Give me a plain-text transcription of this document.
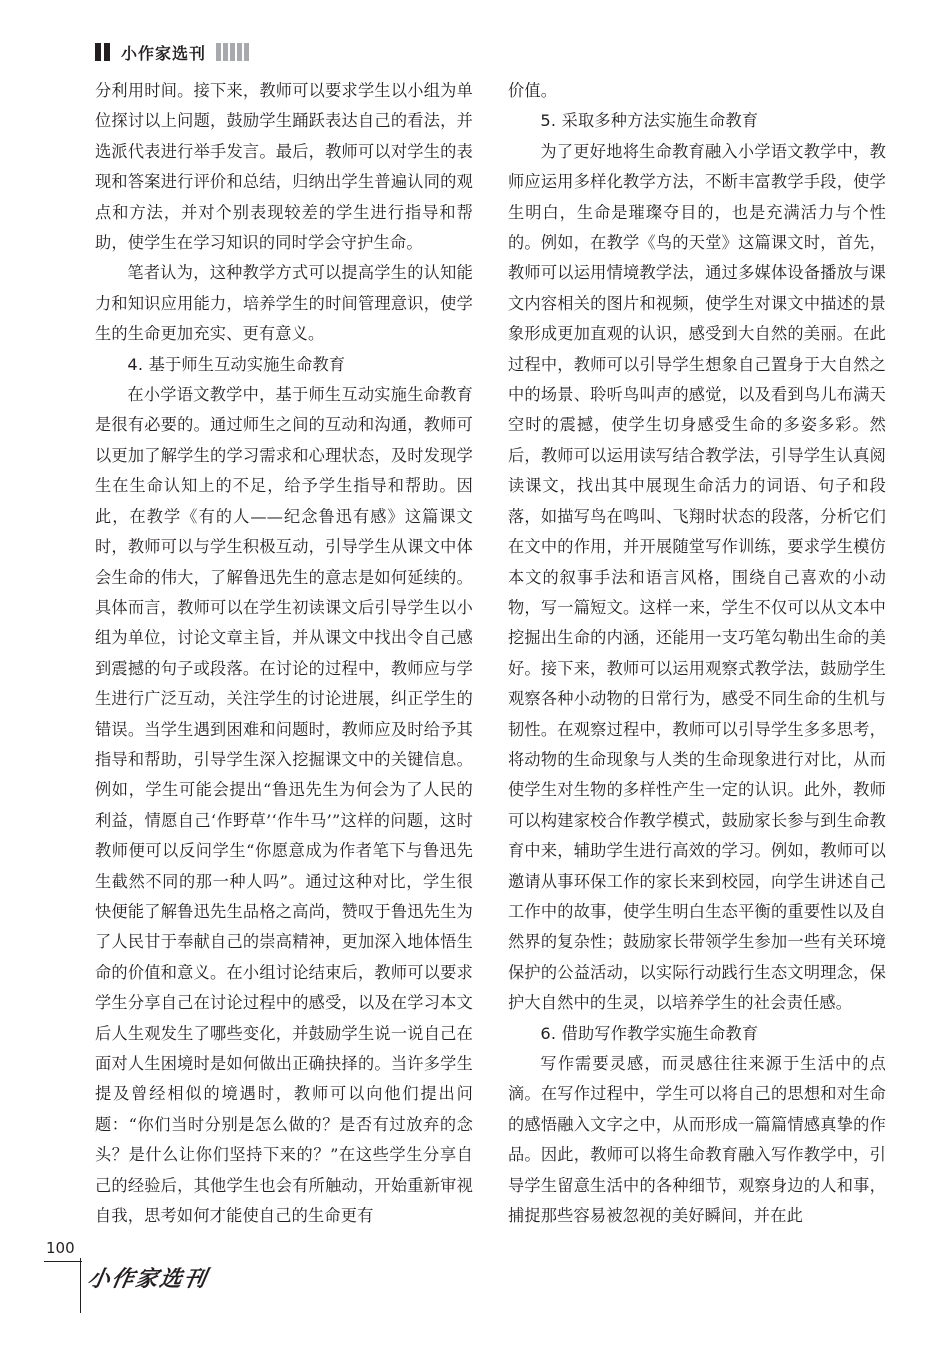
小作家选刊

分利用时间。接下来，教师可以要求学生以小组为单位探讨以上问题，鼓励学生踊跃表达自己的看法，并选派代表进行举手发言。最后，教师可以对学生的表现和答案进行评价和总结，归纳出学生普遍认同的观点和方法，并对个别表现较差的学生进行指导和帮助，使学生在学习知识的同时学会守护生命。

笔者认为，这种教学方式可以提高学生的认知能力和知识应用能力，培养学生的时间管理意识，使学生的生命更加充实、更有意义。

4. 基于师生互动实施生命教育

在小学语文教学中，基于师生互动实施生命教育是很有必要的。通过师生之间的互动和沟通，教师可以更加了解学生的学习需求和心理状态，及时发现学生在生命认知上的不足，给予学生指导和帮助。因此，在教学《有的人——纪念鲁迅有感》这篇课文时，教师可以与学生积极互动，引导学生从课文中体会生命的伟大，了解鲁迅先生的意志是如何延续的。具体而言，教师可以在学生初读课文后引导学生以小组为单位，讨论文章主旨，并从课文中找出令自己感到震撼的句子或段落。在讨论的过程中，教师应与学生进行广泛互动，关注学生的讨论进展，纠正学生的错误。当学生遇到困难和问题时，教师应及时给予其指导和帮助，引导学生深入挖掘课文中的关键信息。例如，学生可能会提出“鲁迅先生为何会为了人民的利益，情愿自己‘作野草’‘作牛马’”这样的问题，这时教师便可以反问学生“你愿意成为作者笔下与鲁迅先生截然不同的那一种人吗”。通过这种对比，学生很快便能了解鲁迅先生品格之高尚，赞叹于鲁迅先生为了人民甘于奉献自己的崇高精神，更加深入地体悟生命的价值和意义。在小组讨论结束后，教师可以要求学生分享自己在讨论过程中的感受，以及在学习本文后人生观发生了哪些变化，并鼓励学生说一说自己在面对人生困境时是如何做出正确抉择的。当许多学生提及曾经相似的境遇时，教师可以向他们提出问题：“你们当时分别是怎么做的？是否有过放弃的念头？是什么让你们坚持下来的？”在这些学生分享自己的经验后，其他学生也会有所触动，开始重新审视自我，思考如何才能使自己的生命更有

价值。

5. 采取多种方法实施生命教育

为了更好地将生命教育融入小学语文教学中，教师应运用多样化教学方法，不断丰富教学手段，使学生明白，生命是璀璨夺目的，也是充满活力与个性的。例如，在教学《鸟的天堂》这篇课文时，首先，教师可以运用情境教学法，通过多媒体设备播放与课文内容相关的图片和视频，使学生对课文中描述的景象形成更加直观的认识，感受到大自然的美丽。在此过程中，教师可以引导学生想象自己置身于大自然之中的场景、聆听鸟叫声的感觉，以及看到鸟儿布满天空时的震撼，使学生切身感受生命的多姿多彩。然后，教师可以运用读写结合教学法，引导学生认真阅读课文，找出其中展现生命活力的词语、句子和段落，如描写鸟在鸣叫、飞翔时状态的段落，分析它们在文中的作用，并开展随堂写作训练，要求学生模仿本文的叙事手法和语言风格，围绕自己喜欢的小动物，写一篇短文。这样一来，学生不仅可以从文本中挖掘出生命的内涵，还能用一支巧笔勾勒出生命的美好。接下来，教师可以运用观察式教学法，鼓励学生观察各种小动物的日常行为，感受不同生命的生机与韧性。在观察过程中，教师可以引导学生多多思考，将动物的生命现象与人类的生命现象进行对比，从而使学生对生物的多样性产生一定的认识。此外，教师可以构建家校合作教学模式，鼓励家长参与到生命教育中来，辅助学生进行高效的学习。例如，教师可以邀请从事环保工作的家长来到校园，向学生讲述自己工作中的故事，使学生明白生态平衡的重要性以及自然界的复杂性；鼓励家长带领学生参加一些有关环境保护的公益活动，以实际行动践行生态文明理念，保护大自然中的生灵，以培养学生的社会责任感。

6. 借助写作教学实施生命教育

写作需要灵感，而灵感往往来源于生活中的点滴。在写作过程中，学生可以将自己的思想和对生命的感悟融入文字之中，从而形成一篇篇情感真挚的作品。因此，教师可以将生命教育融入写作教学中，引导学生留意生活中的各种细节，观察身边的人和事，捕捉那些容易被忽视的美好瞬间，并在此

100
小作家选刊
